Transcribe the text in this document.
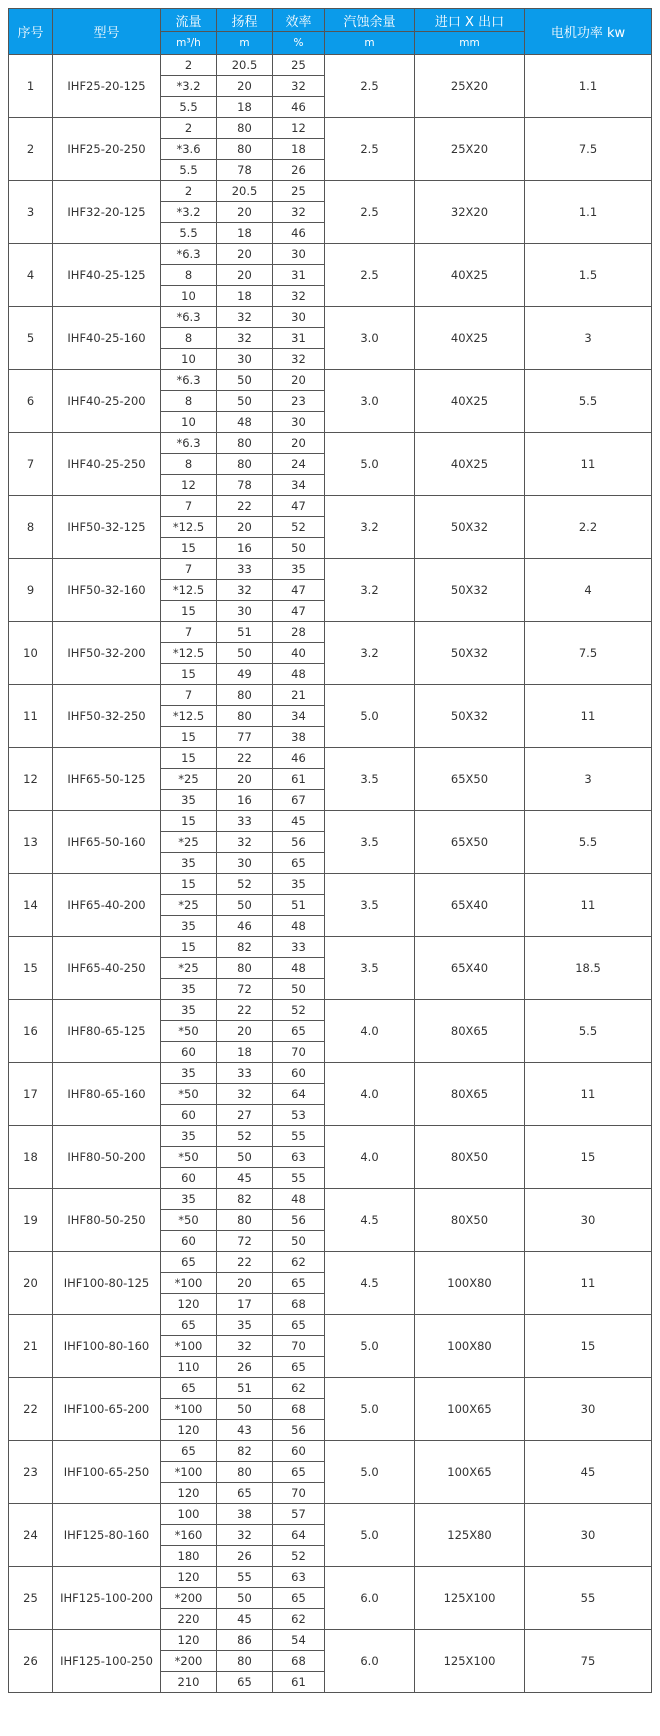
序号	型号	流量	扬程	效率	汽蚀余量	进口 X 出口	电机功率 kw
		m³/h	m	%	m	mm	
1	IHF25-20-125	2	20.5	25	2.5	25X20	1.1
		*3.2	20	32			
		5.5	18	46			
2	IHF25-20-250	2	80	12	2.5	25X20	7.5
		*3.6	80	18			
		5.5	78	26			
3	IHF32-20-125	2	20.5	25	2.5	32X20	1.1
		*3.2	20	32			
		5.5	18	46			
4	IHF40-25-125	*6.3	20	30	2.5	40X25	1.5
		8	20	31			
		10	18	32			
5	IHF40-25-160	*6.3	32	30	3.0	40X25	3
		8	32	31			
		10	30	32			
6	IHF40-25-200	*6.3	50	20	3.0	40X25	5.5
		8	50	23			
		10	48	30			
7	IHF40-25-250	*6.3	80	20	5.0	40X25	11
		8	80	24			
		12	78	34			
8	IHF50-32-125	7	22	47	3.2	50X32	2.2
		*12.5	20	52			
		15	16	50			
9	IHF50-32-160	7	33	35	3.2	50X32	4
		*12.5	32	47			
		15	30	47			
10	IHF50-32-200	7	51	28	3.2	50X32	7.5
		*12.5	50	40			
		15	49	48			
11	IHF50-32-250	7	80	21	5.0	50X32	11
		*12.5	80	34			
		15	77	38			
12	IHF65-50-125	15	22	46	3.5	65X50	3
		*25	20	61			
		35	16	67			
13	IHF65-50-160	15	33	45	3.5	65X50	5.5
		*25	32	56			
		35	30	65			
14	IHF65-40-200	15	52	35	3.5	65X40	11
		*25	50	51			
		35	46	48			
15	IHF65-40-250	15	82	33	3.5	65X40	18.5
		*25	80	48			
		35	72	50			
16	IHF80-65-125	35	22	52	4.0	80X65	5.5
		*50	20	65			
		60	18	70			
17	IHF80-65-160	35	33	60	4.0	80X65	11
		*50	32	64			
		60	27	53			
18	IHF80-50-200	35	52	55	4.0	80X50	15
		*50	50	63			
		60	45	55			
19	IHF80-50-250	35	82	48	4.5	80X50	30
		*50	80	56			
		60	72	50			
20	IHF100-80-125	65	22	62	4.5	100X80	11
		*100	20	65			
		120	17	68			
21	IHF100-80-160	65	35	65	5.0	100X80	15
		*100	32	70			
		110	26	65			
22	IHF100-65-200	65	51	62	5.0	100X65	30
		*100	50	68			
		120	43	56			
23	IHF100-65-250	65	82	60	5.0	100X65	45
		*100	80	65			
		120	65	70			
24	IHF125-80-160	100	38	57	5.0	125X80	30
		*160	32	64			
		180	26	52			
25	IHF125-100-200	120	55	63	6.0	125X100	55
		*200	50	65			
		220	45	62			
26	IHF125-100-250	120	86	54	6.0	125X100	75
		*200	80	68			
		210	65	61			
